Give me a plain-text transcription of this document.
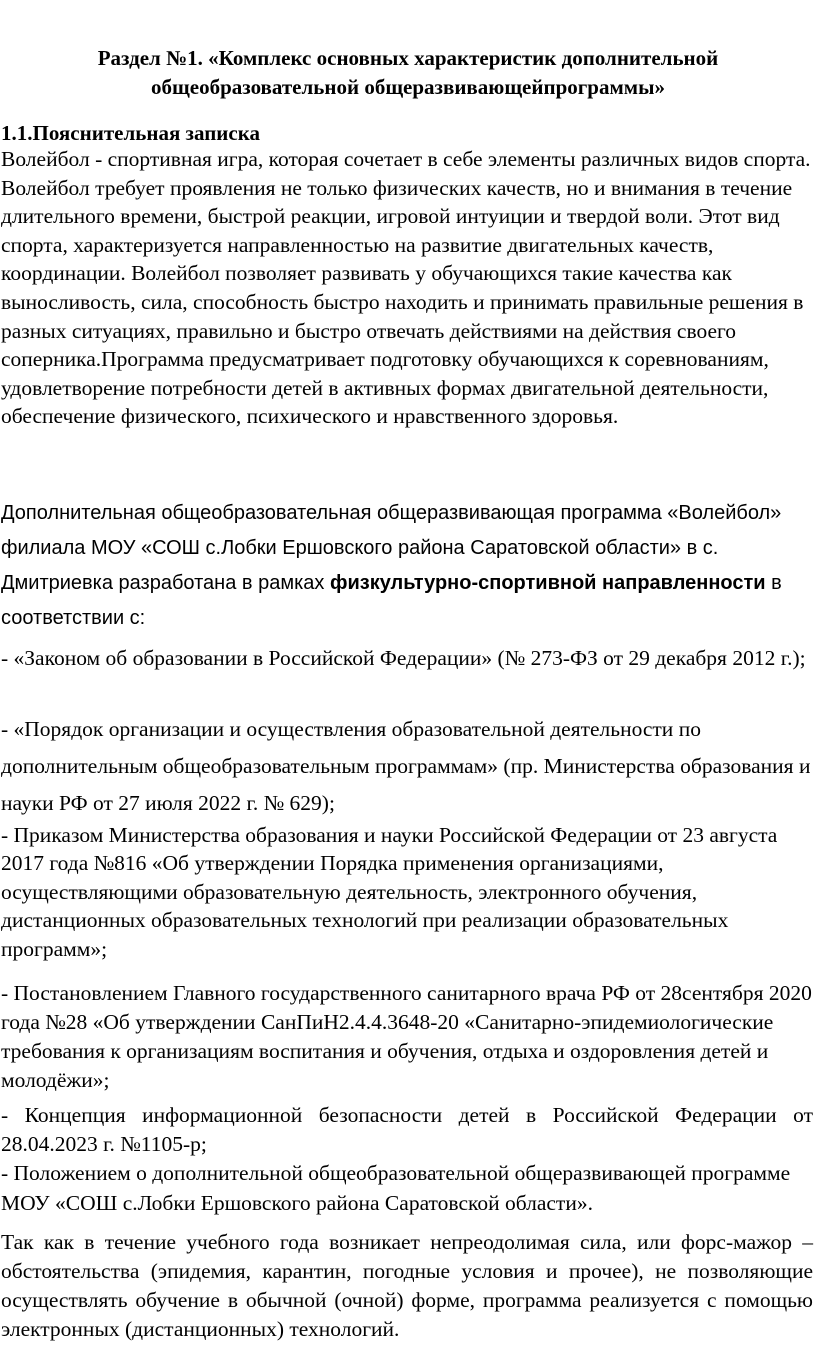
Раздел №1. «Комплекс основных характеристик дополнительной общеобразовательной общеразвивающейпрограммы»
1.1.Пояснительная записка
Волейбол - спортивная игра, которая сочетает в себе элементы различных видов спорта. Волейбол требует проявления не только физических качеств, но и внимания в течение длительного времени, быстрой реакции, игровой интуиции и твердой воли. Этот вид спорта, характеризуется направленностью на развитие двигательных качеств, координации. Волейбол позволяет развивать у обучающихся такие качества как выносливость, сила, способность быстро находить и принимать правильные решения в разных ситуациях, правильно и быстро отвечать действиями на действия своего соперника.Программа предусматривает подготовку обучающихся к соревнованиям, удовлетворение потребности детей в активных формах двигательной деятельности, обеспечение физического, психического и нравственного здоровья.
Дополнительная общеобразовательная общеразвивающая программа «Волейбол» филиала МОУ «СОШ с.Лобки Ершовского района Саратовской области» в с. Дмитриевка разработана в рамках физкультурно-спортивной направленности в соответствии с:
- «Законом об образовании в Российской Федерации» (№ 273-ФЗ от 29 декабря 2012 г.);
- «Порядок организации и осуществления образовательной деятельности по дополнительным общеобразовательным программам» (пр. Министерства образования и науки РФ от 27 июля 2022 г. № 629);
- Приказом Министерства образования и науки Российской Федерации от 23 августа 2017 года №816 «Об утверждении Порядка применения организациями, осуществляющими образовательную деятельность, электронного обучения, дистанционных образовательных технологий при реализации образовательных программ»;
- Постановлением Главного государственного санитарного врача РФ от 28сентября 2020 года №28 «Об утверждении СанПиН2.4.4.3648-20 «Санитарно-эпидемиологические требования к организациям воспитания и обучения, отдыха и оздоровления детей и молодёжи»;
- Концепция информационной безопасности детей в Российской Федерации от 28.04.2023 г. №1105-р;
- Положением о дополнительной общеобразовательной общеразвивающей программе МОУ «СОШ с.Лобки Ершовского района Саратовской области».
Так как в течение учебного года возникает непреодолимая сила, или форс-мажор – обстоятельства (эпидемия, карантин, погодные условия и прочее), не позволяющие осуществлять обучение в обычной (очной) форме, программа реализуется с помощью электронных (дистанционных) технологий.
